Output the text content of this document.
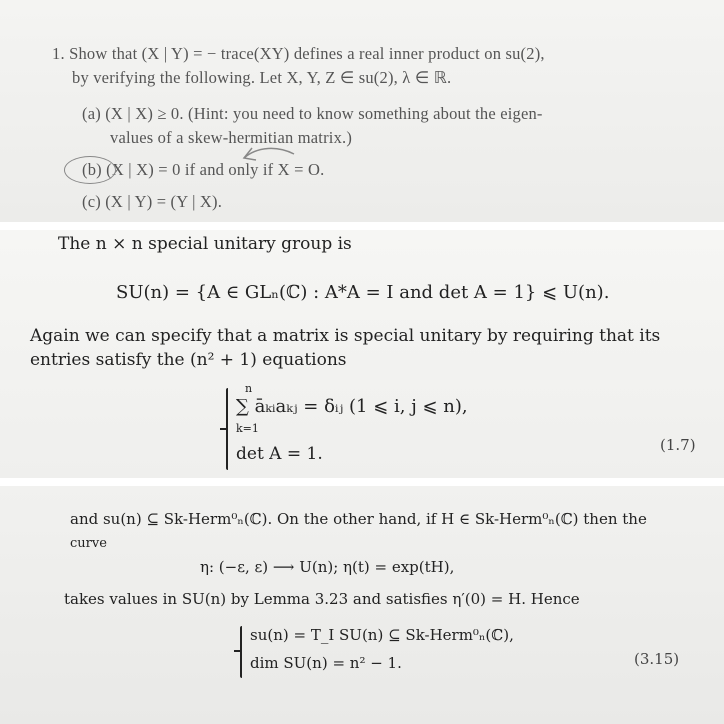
1. Show that (X | Y) = − trace(XY) defines a real inner product on su(2),
by verifying the following. Let X, Y, Z ∈ su(2), λ ∈ ℝ.
(a) (X | X) ≥ 0. (Hint: you need to know something about the eigen-
values of a skew-hermitian matrix.)
(b) (X | X) = 0 if and only if X = O.
(c) (X | Y) = (Y | X).
The n × n special unitary group is
SU(n) = {A ∈ GLₙ(ℂ) : A*A = I and det A = 1} ⩽ U(n).
Again we can specify that a matrix is special unitary by requiring that its
entries satisfy the (n² + 1) equations
n
∑ āₖᵢaₖⱼ = δᵢⱼ (1 ⩽ i, j ⩽ n),
k=1
det A = 1.	(1.7)
and su(n) ⊆ Sk-Herm⁰ₙ(ℂ). On the other hand, if H ∈ Sk-Herm⁰ₙ(ℂ) then the
curve
η: (−ε, ε) ⟶ U(n); η(t) = exp(tH),
takes values in SU(n) by Lemma 3.23 and satisfies η′(0) = H. Hence
su(n) = T_I SU(n) ⊆ Sk-Herm⁰ₙ(ℂ),
dim SU(n) = n² − 1.	(3.15)
